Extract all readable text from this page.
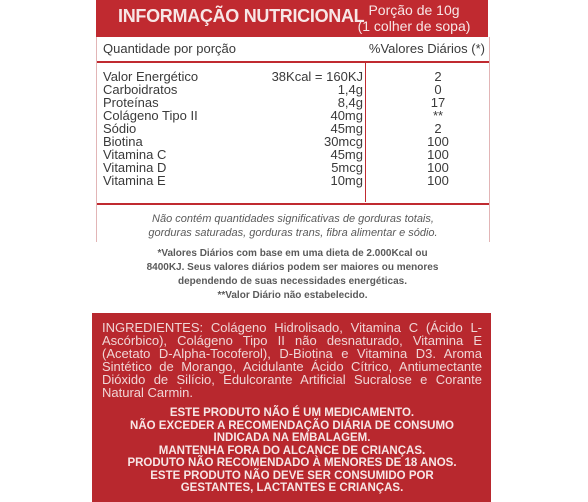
INFORMAÇÃO NUTRICIONAL Porção de 10g
(1 colher de sopa)
Quantidade por porção	%Valores Diários (*)
Valor Energético	38Kcal = 160KJ	2
Carboidratos	1,4g	0
Proteínas	8,4g	17
Colágeno Tipo II	40mg	**
Sódio	45mg	2
Biotina	30mcg	100
Vitamina C	45mg	100
Vitamina D	5mcg	100
Vitamina E	10mg	100
Não contém quantidades significativas de gorduras totais,
gorduras saturadas, gorduras trans, fibra alimentar e sódio.
*Valores Diários com base em uma dieta de 2.000Kcal ou
8400KJ. Seus valores diários podem ser maiores ou menores
dependendo de suas necessidades energéticas.
**Valor Diário não estabelecido.
INGREDIENTES: Colágeno Hidrolisado, Vitamina C (Ácido L-Ascórbico), Colágeno Tipo II não desnaturado, Vitamina E (Acetato D-Alpha-Tocoferol), D-Biotina e Vitamina D3. Aroma Sintético de Morango, Acidulante Ácido Cítrico, Antiumectante Dióxido de Silício, Edulcorante Artificial Sucralose e Corante Natural Carmin.
ESTE PRODUTO NÃO É UM MEDICAMENTO.
NÃO EXCEDER A RECOMENDAÇÃO DIÁRIA DE CONSUMO
INDICADA NA EMBALAGEM.
MANTENHA FORA DO ALCANCE DE CRIANÇAS.
PRODUTO NÃO RECOMENDADO À MENORES DE 18 ANOS.
ESTE PRODUTO NÃO DEVE SER CONSUMIDO POR
GESTANTES, LACTANTES E CRIANÇAS.
